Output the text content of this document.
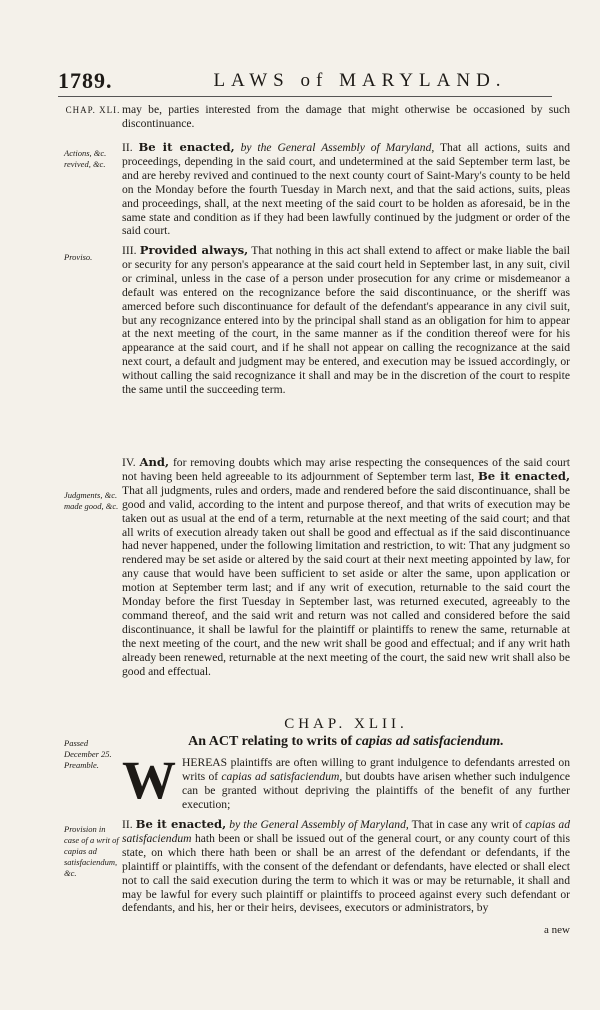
1789.	LAWS of MARYLAND.
CHAP. XLI.
Actions, &c. revived, &c.
Proviso.
Judgments, &c. made good, &c.
Passed December 25. Preamble.
Provision in case of a writ of capias ad satisfaciendum, &c.
may be, parties interested from the damage that might otherwise be occasioned by such discontinuance.
II. Be it enacted, by the General Assembly of Maryland, That all actions, suits and proceedings, depending in the said court, and undetermined at the said September term last, be and are hereby revived and continued to the next county court of Saint-Mary's county to be held on the Monday before the fourth Tuesday in March next, and that the said actions, suits, pleas and proceedings, shall, at the next meeting of the said court to be holden as aforesaid, be in the same state and condition as if they had been lawfully continued by the judgment or order of the said court.
III. Provided always, That nothing in this act shall extend to affect or make liable the bail or security for any person's appearance at the said court held in September last, in any suit, civil or criminal, unless in the case of a person under prosecution for any crime or misdemeanor a default was entered on the recognizance before the said discontinuance, or the sheriff was amerced before such discontinuance for default of the defendant's appearance in any civil suit, but any recognizance entered into by the principal shall stand as an obligation for him to appear at the next meeting of the court, in the same manner as if the condition thereof were for his appearance at the said court, and if he shall not appear on calling the recognizance at the said next court, a default and judgment may be entered, and execution may be issued accordingly, or without calling the said recognizance it shall and may be in the discretion of the court to respite the same until the succeeding term.
IV. And, for removing doubts which may arise respecting the consequences of the said court not having been held agreeable to its adjournment of September term last, Be it enacted, That all judgments, rules and orders, made and rendered before the said discontinuance, shall be good and valid, according to the intent and purpose thereof, and that writs of execution may be taken out as usual at the end of a term, returnable at the next meeting of the said court; and that all writs of execution already taken out shall be good and effectual as if the said discontinuance had never happened, under the following limitation and restriction, to wit: That any judgment so rendered may be set aside or altered by the said court at their next meeting appointed by law, for any cause that would have been sufficient to set aside or alter the same, upon application or motion at September term last; and if any writ of execution, returnable to the said court the Monday before the first Tuesday in September last, was returned executed, agreeably to the command thereof, and the said writ and return was not called and considered before the said discontinuance, it shall be lawful for the plaintiff or plaintiffs to renew the same, returnable at the next meeting of the court, and the new writ shall be good and effectual; and if any writ hath already been renewed, returnable at the next meeting of the court, the said new writ shall also be good and effectual.
CHAP. XLII.
An ACT relating to writs of capias ad satisfaciendum.
W HEREAS plaintiffs are often willing to grant indulgence to defendants arrested on writs of capias ad satisfaciendum, but doubts have arisen whether such indulgence can be granted without depriving the plaintiffs of the benefit of any further execution;
II. Be it enacted, by the General Assembly of Maryland, That in case any writ of capias ad satisfaciendum hath been or shall be issued out of the general court, or any county court of this state, on which there hath been or shall be an arrest of the defendant or defendants, if the plaintiff or plaintiffs, with the consent of the defendant or defendants, have elected or shall elect not to call the said execution during the term to which it was or may be returnable, it shall and may be lawful for every such plaintiff or plaintiffs to proceed against every such defendant or defendants, and his, her or their heirs, devisees, executors or administrators, by
a new
